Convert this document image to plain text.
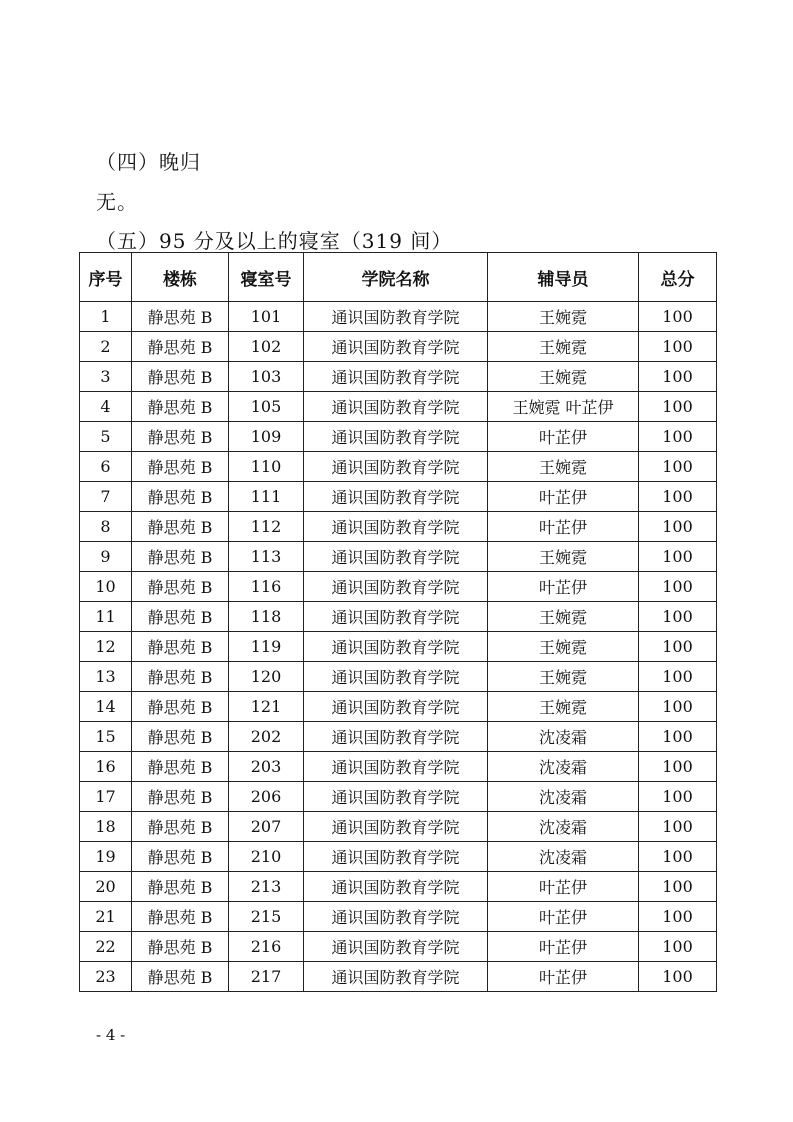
（四）晚归
无。
（五）95 分及以上的寝室（319 间）
序号	楼栋	寝室号	学院名称	辅导员	总分
1	静思苑 B	101	通识国防教育学院	王婉霓	100
2	静思苑 B	102	通识国防教育学院	王婉霓	100
3	静思苑 B	103	通识国防教育学院	王婉霓	100
4	静思苑 B	105	通识国防教育学院	王婉霓 叶芷伊	100
5	静思苑 B	109	通识国防教育学院	叶芷伊	100
6	静思苑 B	110	通识国防教育学院	王婉霓	100
7	静思苑 B	111	通识国防教育学院	叶芷伊	100
8	静思苑 B	112	通识国防教育学院	叶芷伊	100
9	静思苑 B	113	通识国防教育学院	王婉霓	100
10	静思苑 B	116	通识国防教育学院	叶芷伊	100
11	静思苑 B	118	通识国防教育学院	王婉霓	100
12	静思苑 B	119	通识国防教育学院	王婉霓	100
13	静思苑 B	120	通识国防教育学院	王婉霓	100
14	静思苑 B	121	通识国防教育学院	王婉霓	100
15	静思苑 B	202	通识国防教育学院	沈凌霜	100
16	静思苑 B	203	通识国防教育学院	沈凌霜	100
17	静思苑 B	206	通识国防教育学院	沈凌霜	100
18	静思苑 B	207	通识国防教育学院	沈凌霜	100
19	静思苑 B	210	通识国防教育学院	沈凌霜	100
20	静思苑 B	213	通识国防教育学院	叶芷伊	100
21	静思苑 B	215	通识国防教育学院	叶芷伊	100
22	静思苑 B	216	通识国防教育学院	叶芷伊	100
23	静思苑 B	217	通识国防教育学院	叶芷伊	100
- 4 -
